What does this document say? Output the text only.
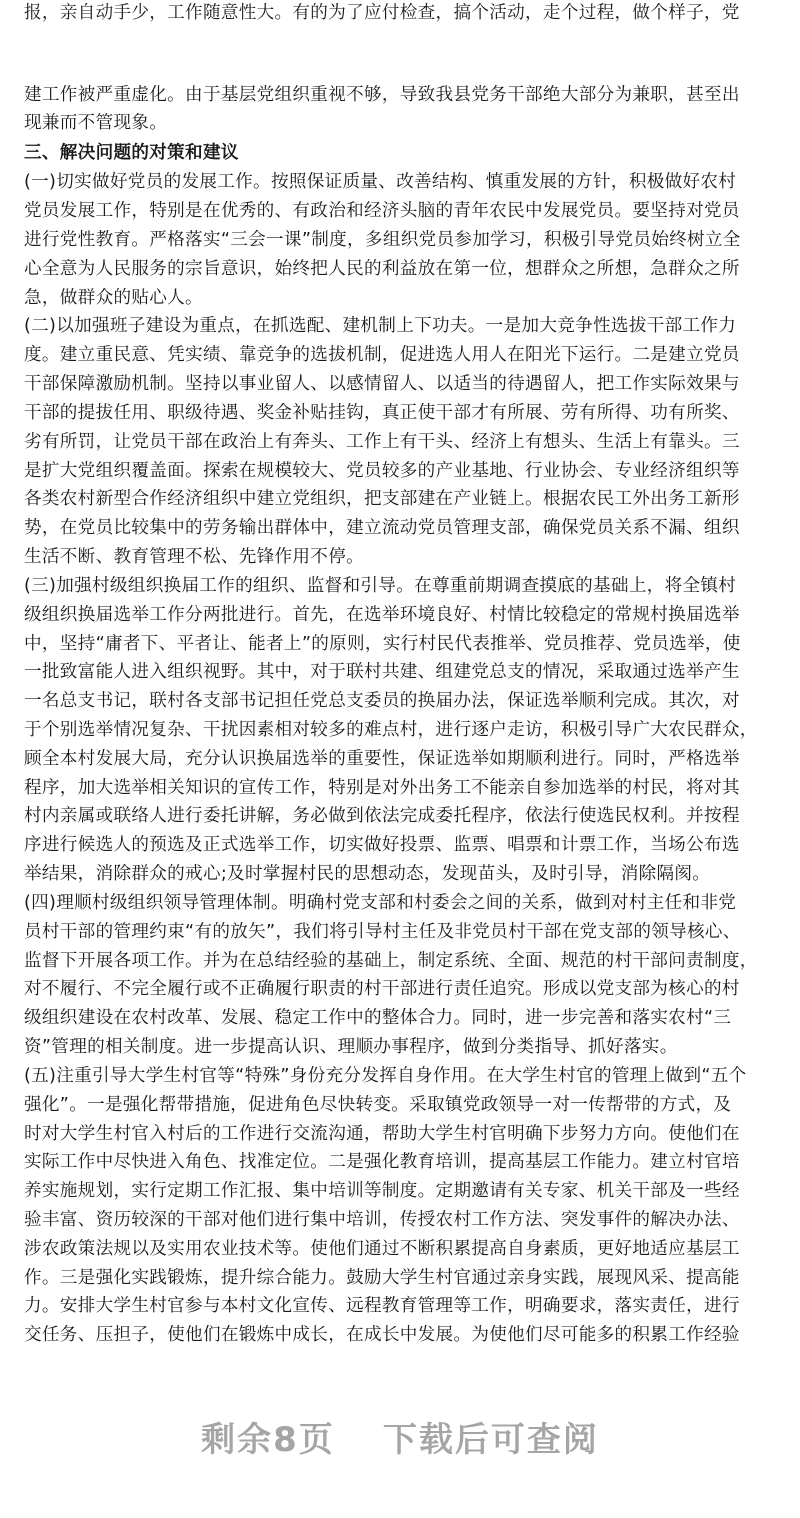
报，亲自动手少，工作随意性大。有的为了应付检查，搞个活动，走个过程，做个样子，党
建工作被严重虚化。由于基层党组织重视不够，导致我县党务干部绝大部分为兼职，甚至出
现兼而不管现象。
三、解决问题的对策和建议
(一)切实做好党员的发展工作。按照保证质量、改善结构、慎重发展的方针，积极做好农村
党员发展工作，特别是在优秀的、有政治和经济头脑的青年农民中发展党员。要坚持对党员
进行党性教育。严格落实“三会一课”制度，多组织党员参加学习，积极引导党员始终树立全
心全意为人民服务的宗旨意识，始终把人民的利益放在第一位，想群众之所想，急群众之所
急，做群众的贴心人。
(二)以加强班子建设为重点，在抓选配、建机制上下功夫。一是加大竞争性选拔干部工作力
度。建立重民意、凭实绩、靠竞争的选拔机制，促进选人用人在阳光下运行。二是建立党员
干部保障激励机制。坚持以事业留人、以感情留人、以适当的待遇留人，把工作实际效果与
干部的提拔任用、职级待遇、奖金补贴挂钩，真正使干部才有所展、劳有所得、功有所奖、
劣有所罚，让党员干部在政治上有奔头、工作上有干头、经济上有想头、生活上有靠头。三
是扩大党组织覆盖面。探索在规模较大、党员较多的产业基地、行业协会、专业经济组织等
各类农村新型合作经济组织中建立党组织，把支部建在产业链上。根据农民工外出务工新形
势，在党员比较集中的劳务输出群体中，建立流动党员管理支部，确保党员关系不漏、组织
生活不断、教育管理不松、先锋作用不停。
(三)加强村级组织换届工作的组织、监督和引导。在尊重前期调查摸底的基础上，将全镇村
级组织换届选举工作分两批进行。首先，在选举环境良好、村情比较稳定的常规村换届选举
中，坚持“庸者下、平者让、能者上”的原则，实行村民代表推举、党员推荐、党员选举，使
一批致富能人进入组织视野。其中，对于联村共建、组建党总支的情况，采取通过选举产生
一名总支书记，联村各支部书记担任党总支委员的换届办法，保证选举顺利完成。其次，对
于个别选举情况复杂、干扰因素相对较多的难点村，进行逐户走访，积极引导广大农民群众，
顾全本村发展大局，充分认识换届选举的重要性，保证选举如期顺利进行。同时，严格选举
程序，加大选举相关知识的宣传工作，特别是对外出务工不能亲自参加选举的村民，将对其
村内亲属或联络人进行委托讲解，务必做到依法完成委托程序，依法行使选民权利。并按程
序进行候选人的预选及正式选举工作，切实做好投票、监票、唱票和计票工作，当场公布选
举结果，消除群众的戒心;及时掌握村民的思想动态，发现苗头，及时引导，消除隔阂。
(四)理顺村级组织领导管理体制。明确村党支部和村委会之间的关系，做到对村主任和非党
员村干部的管理约束“有的放矢”，我们将引导村主任及非党员村干部在党支部的领导核心、
监督下开展各项工作。并为在总结经验的基础上，制定系统、全面、规范的村干部问责制度，
对不履行、不完全履行或不正确履行职责的村干部进行责任追究。形成以党支部为核心的村
级组织建设在农村改革、发展、稳定工作中的整体合力。同时，进一步完善和落实农村“三
资”管理的相关制度。进一步提高认识、理顺办事程序，做到分类指导、抓好落实。
(五)注重引导大学生村官等“特殊”身份充分发挥自身作用。在大学生村官的管理上做到“五个
强化”。一是强化帮带措施，促进角色尽快转变。采取镇党政领导一对一传帮带的方式，及
时对大学生村官入村后的工作进行交流沟通，帮助大学生村官明确下步努力方向。使他们在
实际工作中尽快进入角色、找准定位。二是强化教育培训，提高基层工作能力。建立村官培
养实施规划，实行定期工作汇报、集中培训等制度。定期邀请有关专家、机关干部及一些经
验丰富、资历较深的干部对他们进行集中培训，传授农村工作方法、突发事件的解决办法、
涉农政策法规以及实用农业技术等。使他们通过不断积累提高自身素质，更好地适应基层工
作。三是强化实践锻炼，提升综合能力。鼓励大学生村官通过亲身实践，展现风采、提高能
力。安排大学生村官参与本村文化宣传、远程教育管理等工作，明确要求，落实责任，进行
交任务、压担子，使他们在锻炼中成长，在成长中发展。为使他们尽可能多的积累工作经验
剩余8页 下载后可查阅
